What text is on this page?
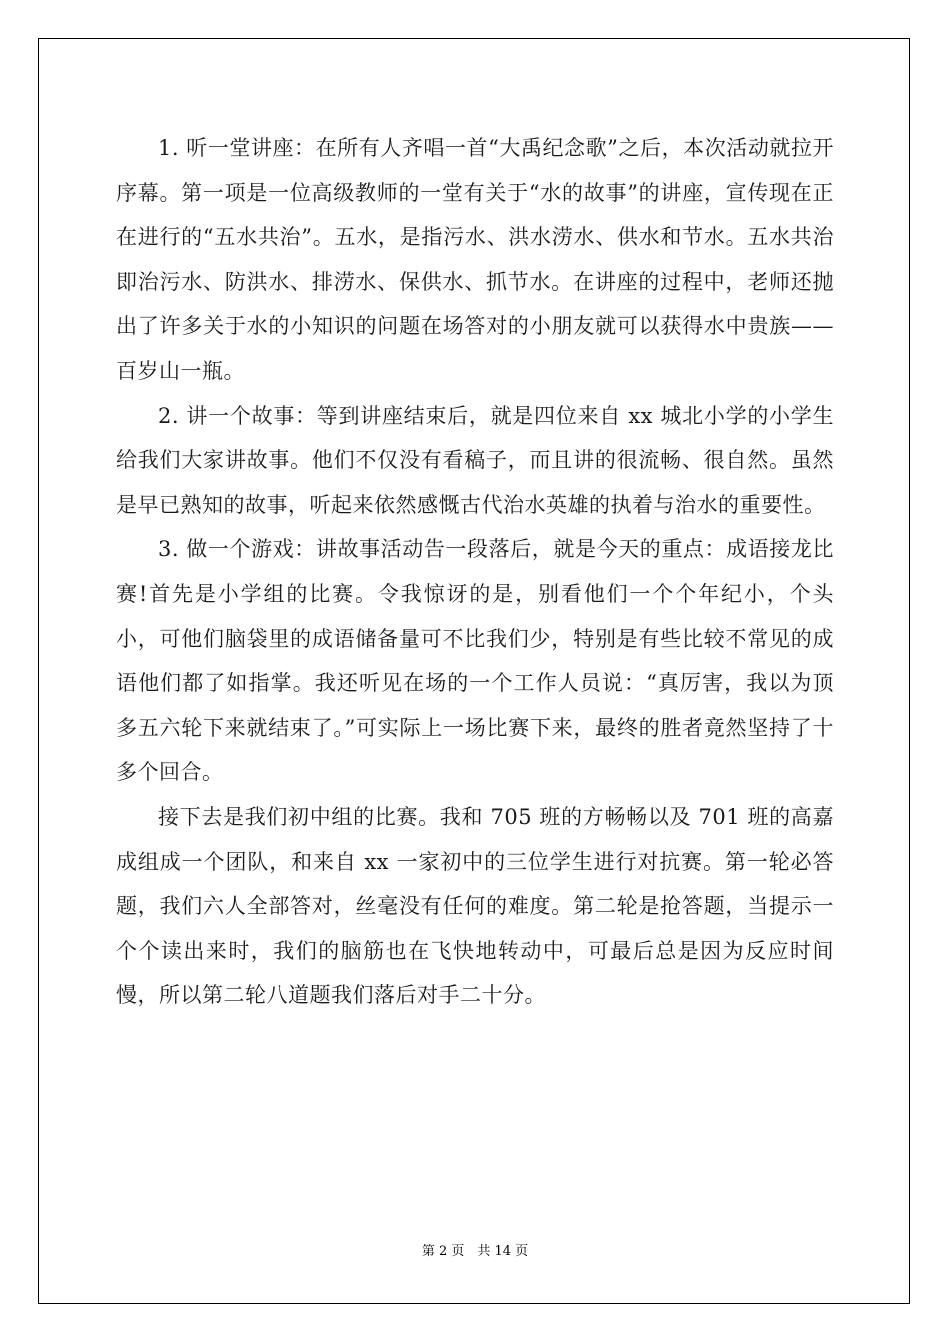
1. 听一堂讲座：在所有人齐唱一首“大禹纪念歌”之后，本次活动就拉开序幕。第一项是一位高级教师的一堂有关于“水的故事”的讲座，宣传现在正在进行的“五水共治”。五水，是指污水、洪水涝水、供水和节水。五水共治即治污水、防洪水、排涝水、保供水、抓节水。在讲座的过程中，老师还抛出了许多关于水的小知识的问题在场答对的小朋友就可以获得水中贵族——百岁山一瓶。

2. 讲一个故事：等到讲座结束后，就是四位来自 xx 城北小学的小学生给我们大家讲故事。他们不仅没有看稿子，而且讲的很流畅、很自然。虽然是早已熟知的故事，听起来依然感慨古代治水英雄的执着与治水的重要性。

3. 做一个游戏：讲故事活动告一段落后，就是今天的重点：成语接龙比赛!首先是小学组的比赛。令我惊讶的是，别看他们一个个年纪小，个头小，可他们脑袋里的成语储备量可不比我们少，特别是有些比较不常见的成语他们都了如指掌。我还听见在场的一个工作人员说：“真厉害，我以为顶多五六轮下来就结束了。”可实际上一场比赛下来，最终的胜者竟然坚持了十多个回合。

接下去是我们初中组的比赛。我和 705 班的方畅畅以及 701 班的高嘉成组成一个团队，和来自 xx 一家初中的三位学生进行对抗赛。第一轮必答题，我们六人全部答对，丝毫没有任何的难度。第二轮是抢答题，当提示一个个读出来时，我们的脑筋也在飞快地转动中，可最后总是因为反应时间慢，所以第二轮八道题我们落后对手二十分。

第 2 页　共 14 页
